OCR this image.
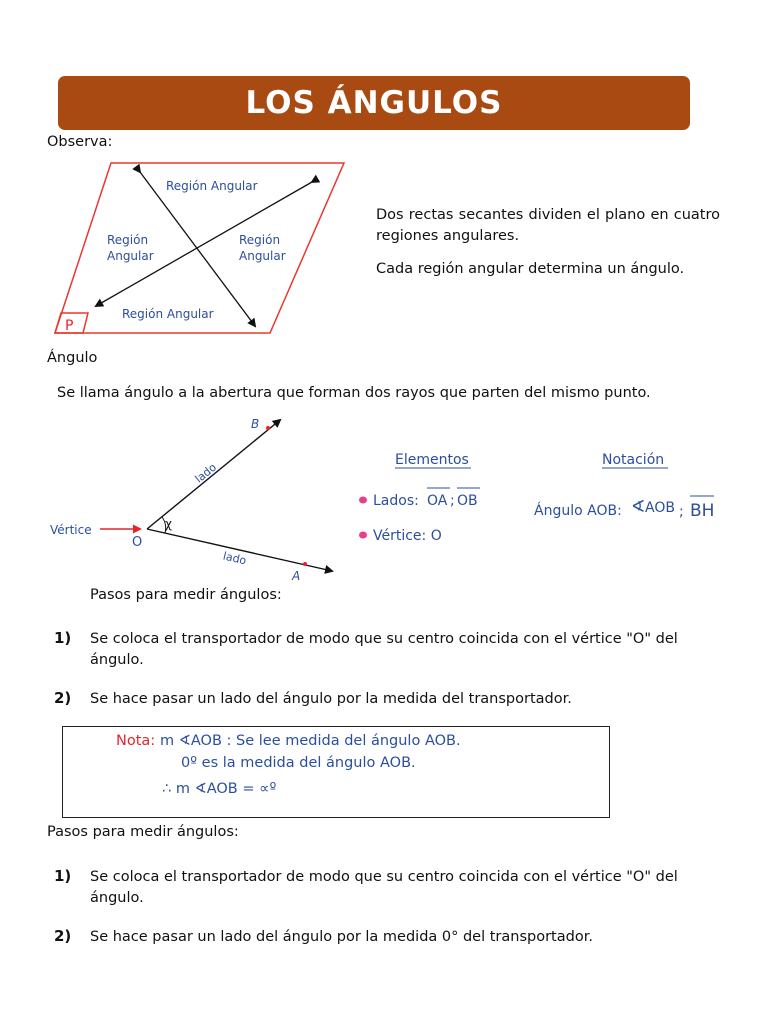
LOS ÁNGULOS
Observa:
P
Región Angular
Región
Angular
Región
Angular
Región Angular
Dos rectas secantes dividen el plano en cuatro regiones angulares.
Cada región angular determina un ángulo.
Ángulo
Se llama ángulo a la abertura que forman dos rayos que parten del mismo punto.
Vértice
O
B
A
lado
lado
χ
Elementos	Notación
Lados: OA ; OB
Vértice: O
Ángulo AOB: ∢ AOB ; BH
Pasos para medir ángulos:
1) Se coloca el transportador de modo que su centro coincida con el vértice "O" del ángulo.
2) Se hace pasar un lado del ángulo por la medida del transportador.
Nota: m ∢AOB : Se lee medida del ángulo AOB.
0º es la medida del ángulo AOB.
∴ m ∢AOB = ∝º
Pasos para medir ángulos:
1) Se coloca el transportador de modo que su centro coincida con el vértice "O" del ángulo.
2) Se hace pasar un lado del ángulo por la medida 0° del transportador.
